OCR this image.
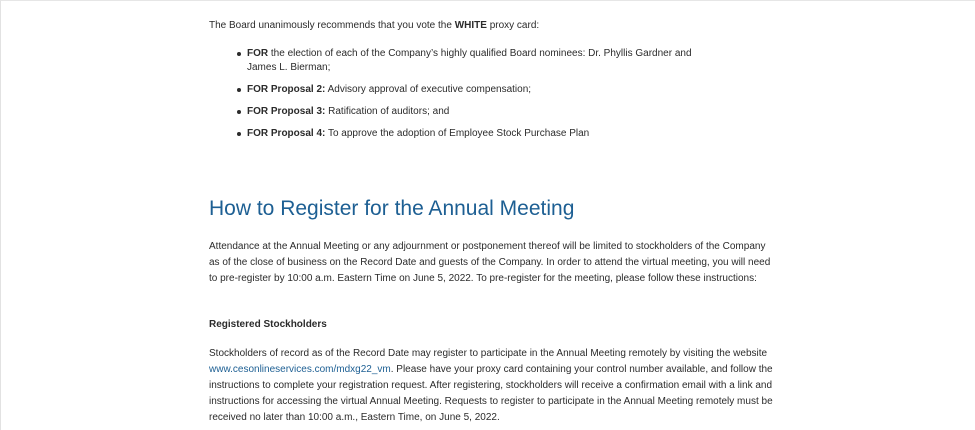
The Board unanimously recommends that you vote the WHITE proxy card:

FOR the election of each of the Company’s highly qualified Board nominees: Dr. Phyllis Gardner and James L. Bierman;
FOR Proposal 2: Advisory approval of executive compensation;
FOR Proposal 3: Ratification of auditors; and
FOR Proposal 4: To approve the adoption of Employee Stock Purchase Plan
How to Register for the Annual Meeting

Attendance at the Annual Meeting or any adjournment or postponement thereof will be limited to stockholders of the Company as of the close of business on the Record Date and guests of the Company. In order to attend the virtual meeting, you will need to pre-register by 10:00 a.m. Eastern Time on June 5, 2022. To pre-register for the meeting, please follow these instructions:

Registered Stockholders

Stockholders of record as of the Record Date may register to participate in the Annual Meeting remotely by visiting the website www.cesonlineservices.com/mdxg22_vm. Please have your proxy card containing your control number available, and follow the instructions to complete your registration request. After registering, stockholders will receive a confirmation email with a link and instructions for accessing the virtual Annual Meeting. Requests to register to participate in the Annual Meeting remotely must be received no later than 10:00 a.m., Eastern Time, on June 5, 2022.
